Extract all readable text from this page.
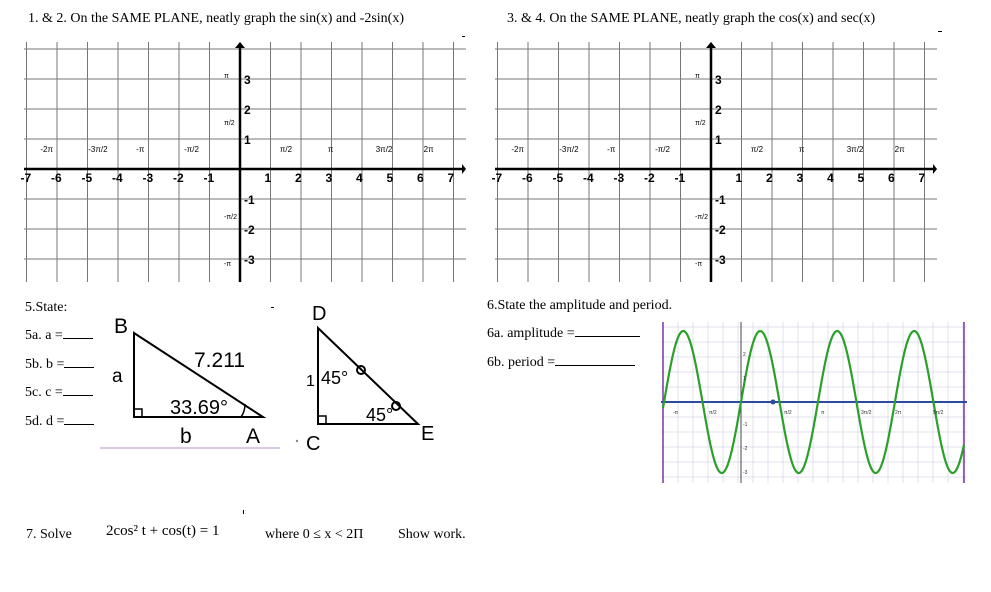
1. & 2. On the SAME PLANE, neatly graph the sin(x) and -2sin(x)	3. & 4. On the SAME PLANE, neatly graph the cos(x) and sec(x)
-7 -6 -5 -4 -3 -2 -1	1 2 3 4 5 6 7
3
2
1
-1
-2
-3
-2π	-3π/2	-π	-π/2	π/2	π	3π/2	2π
π
π/2
-π/2
-π
-7 -6 -5 -4 -3 -2 -1	1 2 3 4 5 6 7
3
2
1
-1
-2
-3
-2π	-3π/2	-π	-π/2	π/2	π	3π/2	2π
π
π/2
-π/2
-π
5.State:
5a. a =
5b. b =
5c. c =
5d. d =
B
a
7.211
33.69°
b	A
D
1 45°
45°
C	E
6.State the amplitude and period.
6a. amplitude =
6b. period =
-π	π/2	π/2	π	3π/2	2π	5π/2
2
1
-1
-2
-3
7. Solve 2cos² t + cos(t) = 1	where 0 ≤ x < 2Π Show work.
